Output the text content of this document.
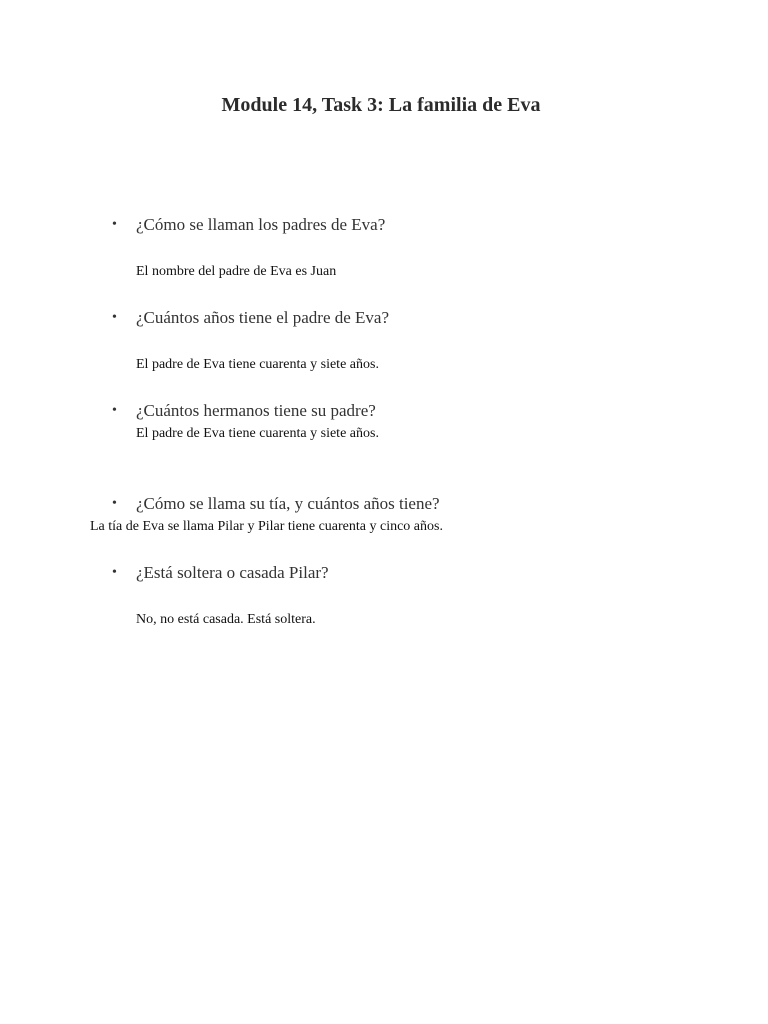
Module 14, Task 3: La familia de Eva
• ¿Cómo se llaman los padres de Eva?
El nombre del padre de Eva es Juan
• ¿Cuántos años tiene el padre de Eva?
El padre de Eva tiene cuarenta y siete años.
• ¿Cuántos hermanos tiene su padre?
El padre de Eva tiene cuarenta y siete años.
• ¿Cómo se llama su tía, y cuántos años tiene?
La tía de Eva se llama Pilar y Pilar tiene cuarenta y cinco años.
• ¿Está soltera o casada Pilar?
No, no está casada. Está soltera.
